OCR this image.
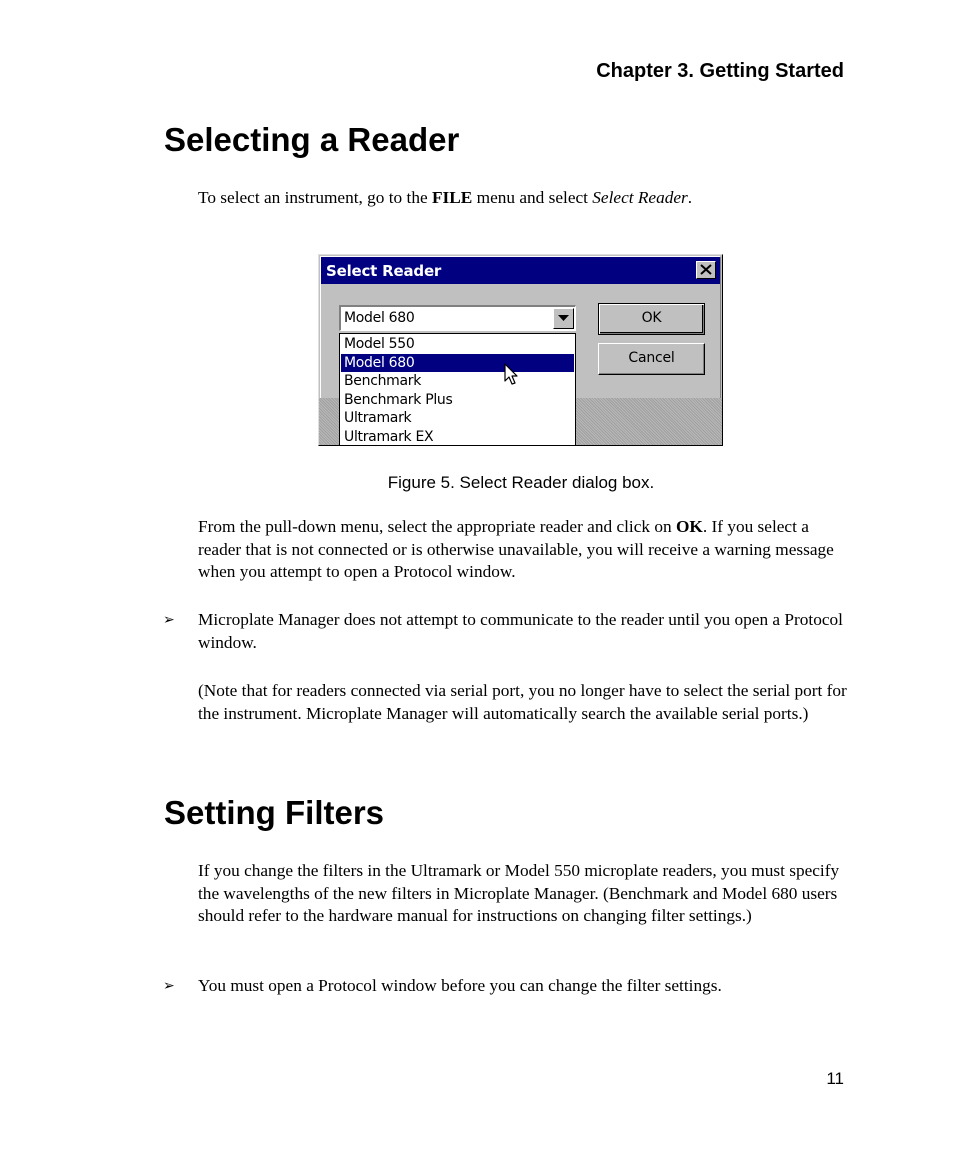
Chapter 3. Getting Started
Selecting a Reader

To select an instrument, go to the FILE menu and select Select Reader.

Select Reader
Model 680
Model 550
Model 680
Benchmark
Benchmark Plus
Ultramark
Ultramark EX
OK
Cancel
Figure 5. Select Reader dialog box.

From the pull-down menu, select the appropriate reader and click on OK. If you select a reader that is not connected or is otherwise unavailable, you will receive a warning message when you attempt to open a Protocol window.

➢ Microplate Manager does not attempt to communicate to the reader until you open a Protocol window.

(Note that for readers connected via serial port, you no longer have to select the serial port for the instrument. Microplate Manager will automatically search the available serial ports.)

Setting Filters

If you change the filters in the Ultramark or Model 550 microplate readers, you must specify the wavelengths of the new filters in Microplate Manager. (Benchmark and Model 680 users should refer to the hardware manual for instructions on changing filter settings.)

➢ You must open a Protocol window before you can change the filter settings.

11
